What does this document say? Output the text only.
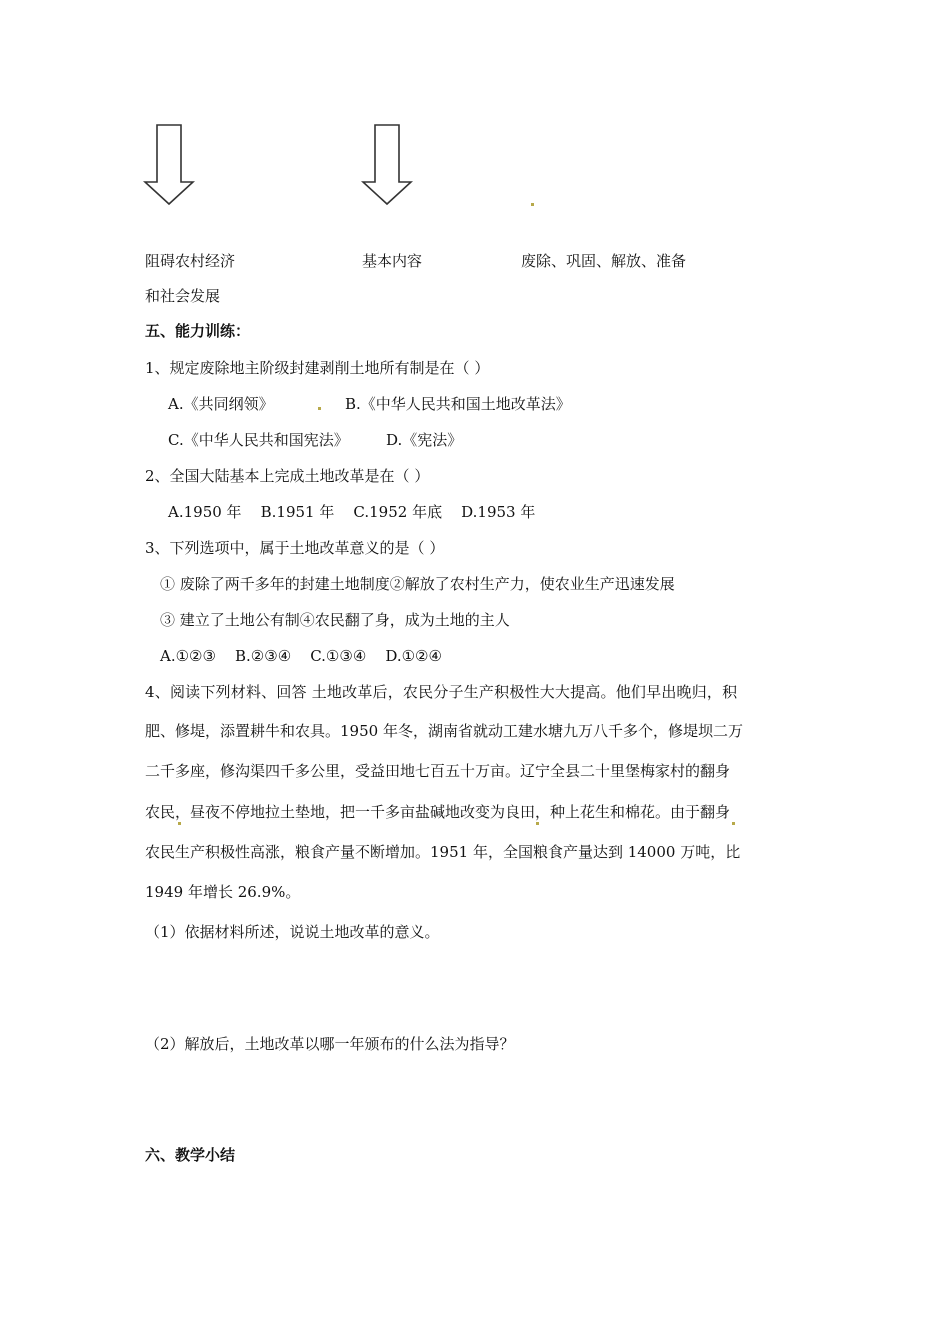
阻碍农村经济	基本内容	废除、巩固、解放、准备
和社会发展
五、能力训练：
1、规定废除地主阶级封建剥削土地所有制是在（ ）
A.《共同纲领》	B.《中华人民共和国土地改革法》
C.《中华人民共和国宪法》 D.《宪法》
2、全国大陆基本上完成土地改革是在（ ）
A.1950 年    B.1951 年    C.1952 年底    D.1953 年
3、下列选项中，属于土地改革意义的是（ ）
① 废除了两千多年的封建土地制度②解放了农村生产力，使农业生产迅速发展
③ 建立了土地公有制④农民翻了身，成为土地的主人
A.①②③    B.②③④    C.①③④    D.①②④
4、阅读下列材料、回答 土地改革后，农民分子生产积极性大大提高。他们早出晚归，积
肥、修堤，添置耕牛和农具。1950 年冬，湖南省就动工建水塘九万八千多个，修堤坝二万
二千多座，修沟渠四千多公里，受益田地七百五十万亩。辽宁全县二十里堡梅家村的翻身
农民，昼夜不停地拉土垫地，把一千多亩盐碱地改变为良田，种上花生和棉花。由于翻身
农民生产积极性高涨，粮食产量不断增加。1951 年，全国粮食产量达到 14000 万吨，比
1949 年增长 26.9%。
（1）依据材料所述，说说土地改革的意义。
（2）解放后，土地改革以哪一年颁布的什么法为指导？
六、教学小结
